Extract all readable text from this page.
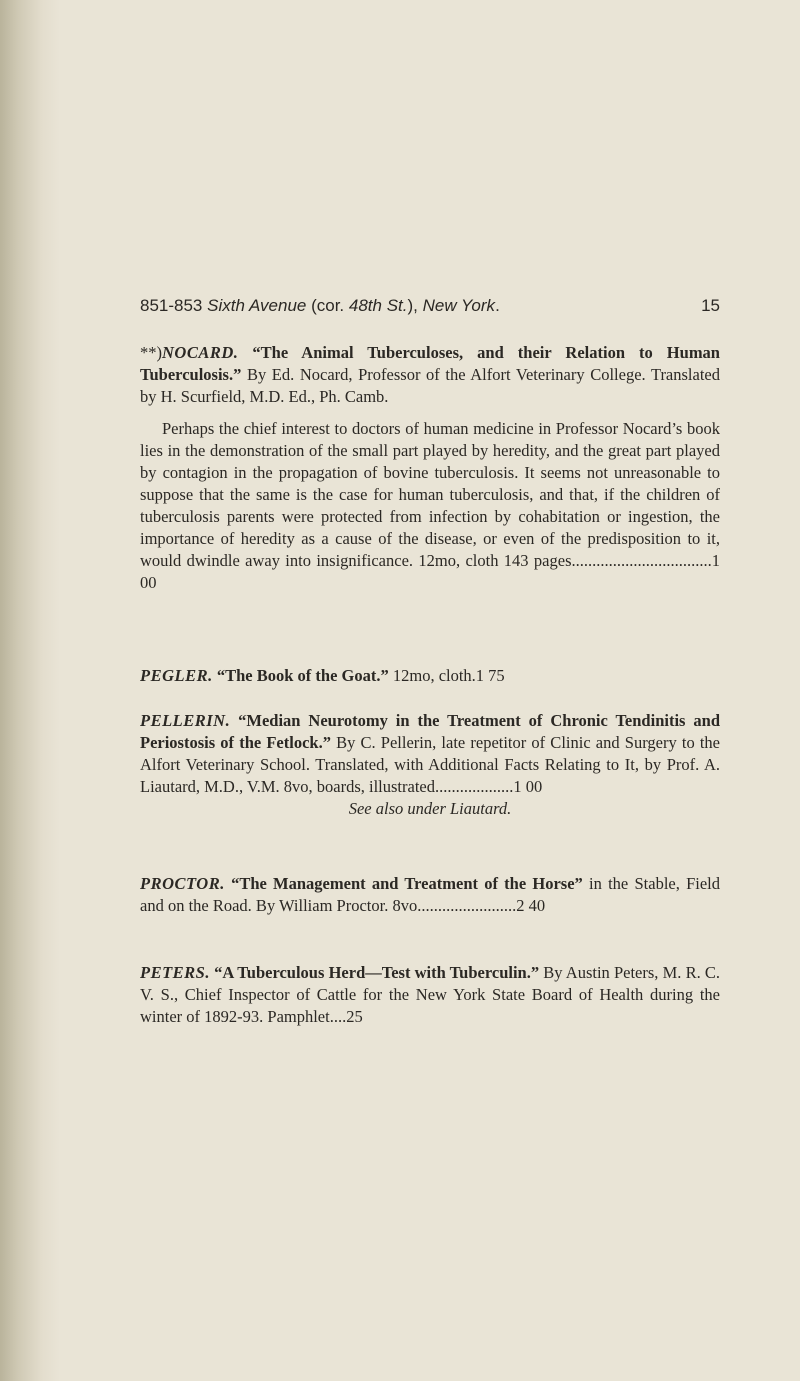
851-853 Sixth Avenue (cor. 48th St.), New York.	15

**)NOCARD. “The Animal Tuberculoses, and their Relation to Human Tuberculosis.” By Ed. Nocard, Professor of the Alfort Veterinary College. Translated by H. Scurfield, M.D. Ed., Ph. Camb.

Perhaps the chief interest to doctors of human medicine in Professor Nocard’s book lies in the demonstration of the small part played by heredity, and the great part played by contagion in the propagation of bovine tuberculosis. It seems not unreasonable to suppose that the same is the case for human tuberculosis, and that, if the children of tuberculosis parents were protected from infection by cohabitation or ingestion, the importance of heredity as a cause of the disease, or even of the predisposition to it, would dwindle away into insignificance. 12mo, cloth 143 pages..................................1 00

PEGLER. “The Book of the Goat.” 12mo, cloth.1 75

PELLERIN. “Median Neurotomy in the Treatment of Chronic Tendinitis and Periostosis of the Fetlock.” By C. Pellerin, late repetitor of Clinic and Surgery to the Alfort Veterinary School. Translated, with Additional Facts Relating to It, by Prof. A. Liautard, M.D., V.M. 8vo, boards, illustrated...................1 00

See also under Liautard.

PROCTOR. “The Management and Treatment of the Horse” in the Stable, Field and on the Road. By William Proctor. 8vo........................2 40

PETERS. “A Tuberculous Herd—Test with Tuberculin.” By Austin Peters, M. R. C. V. S., Chief Inspector of Cattle for the New York State Board of Health during the winter of 1892-93. Pamphlet....25
